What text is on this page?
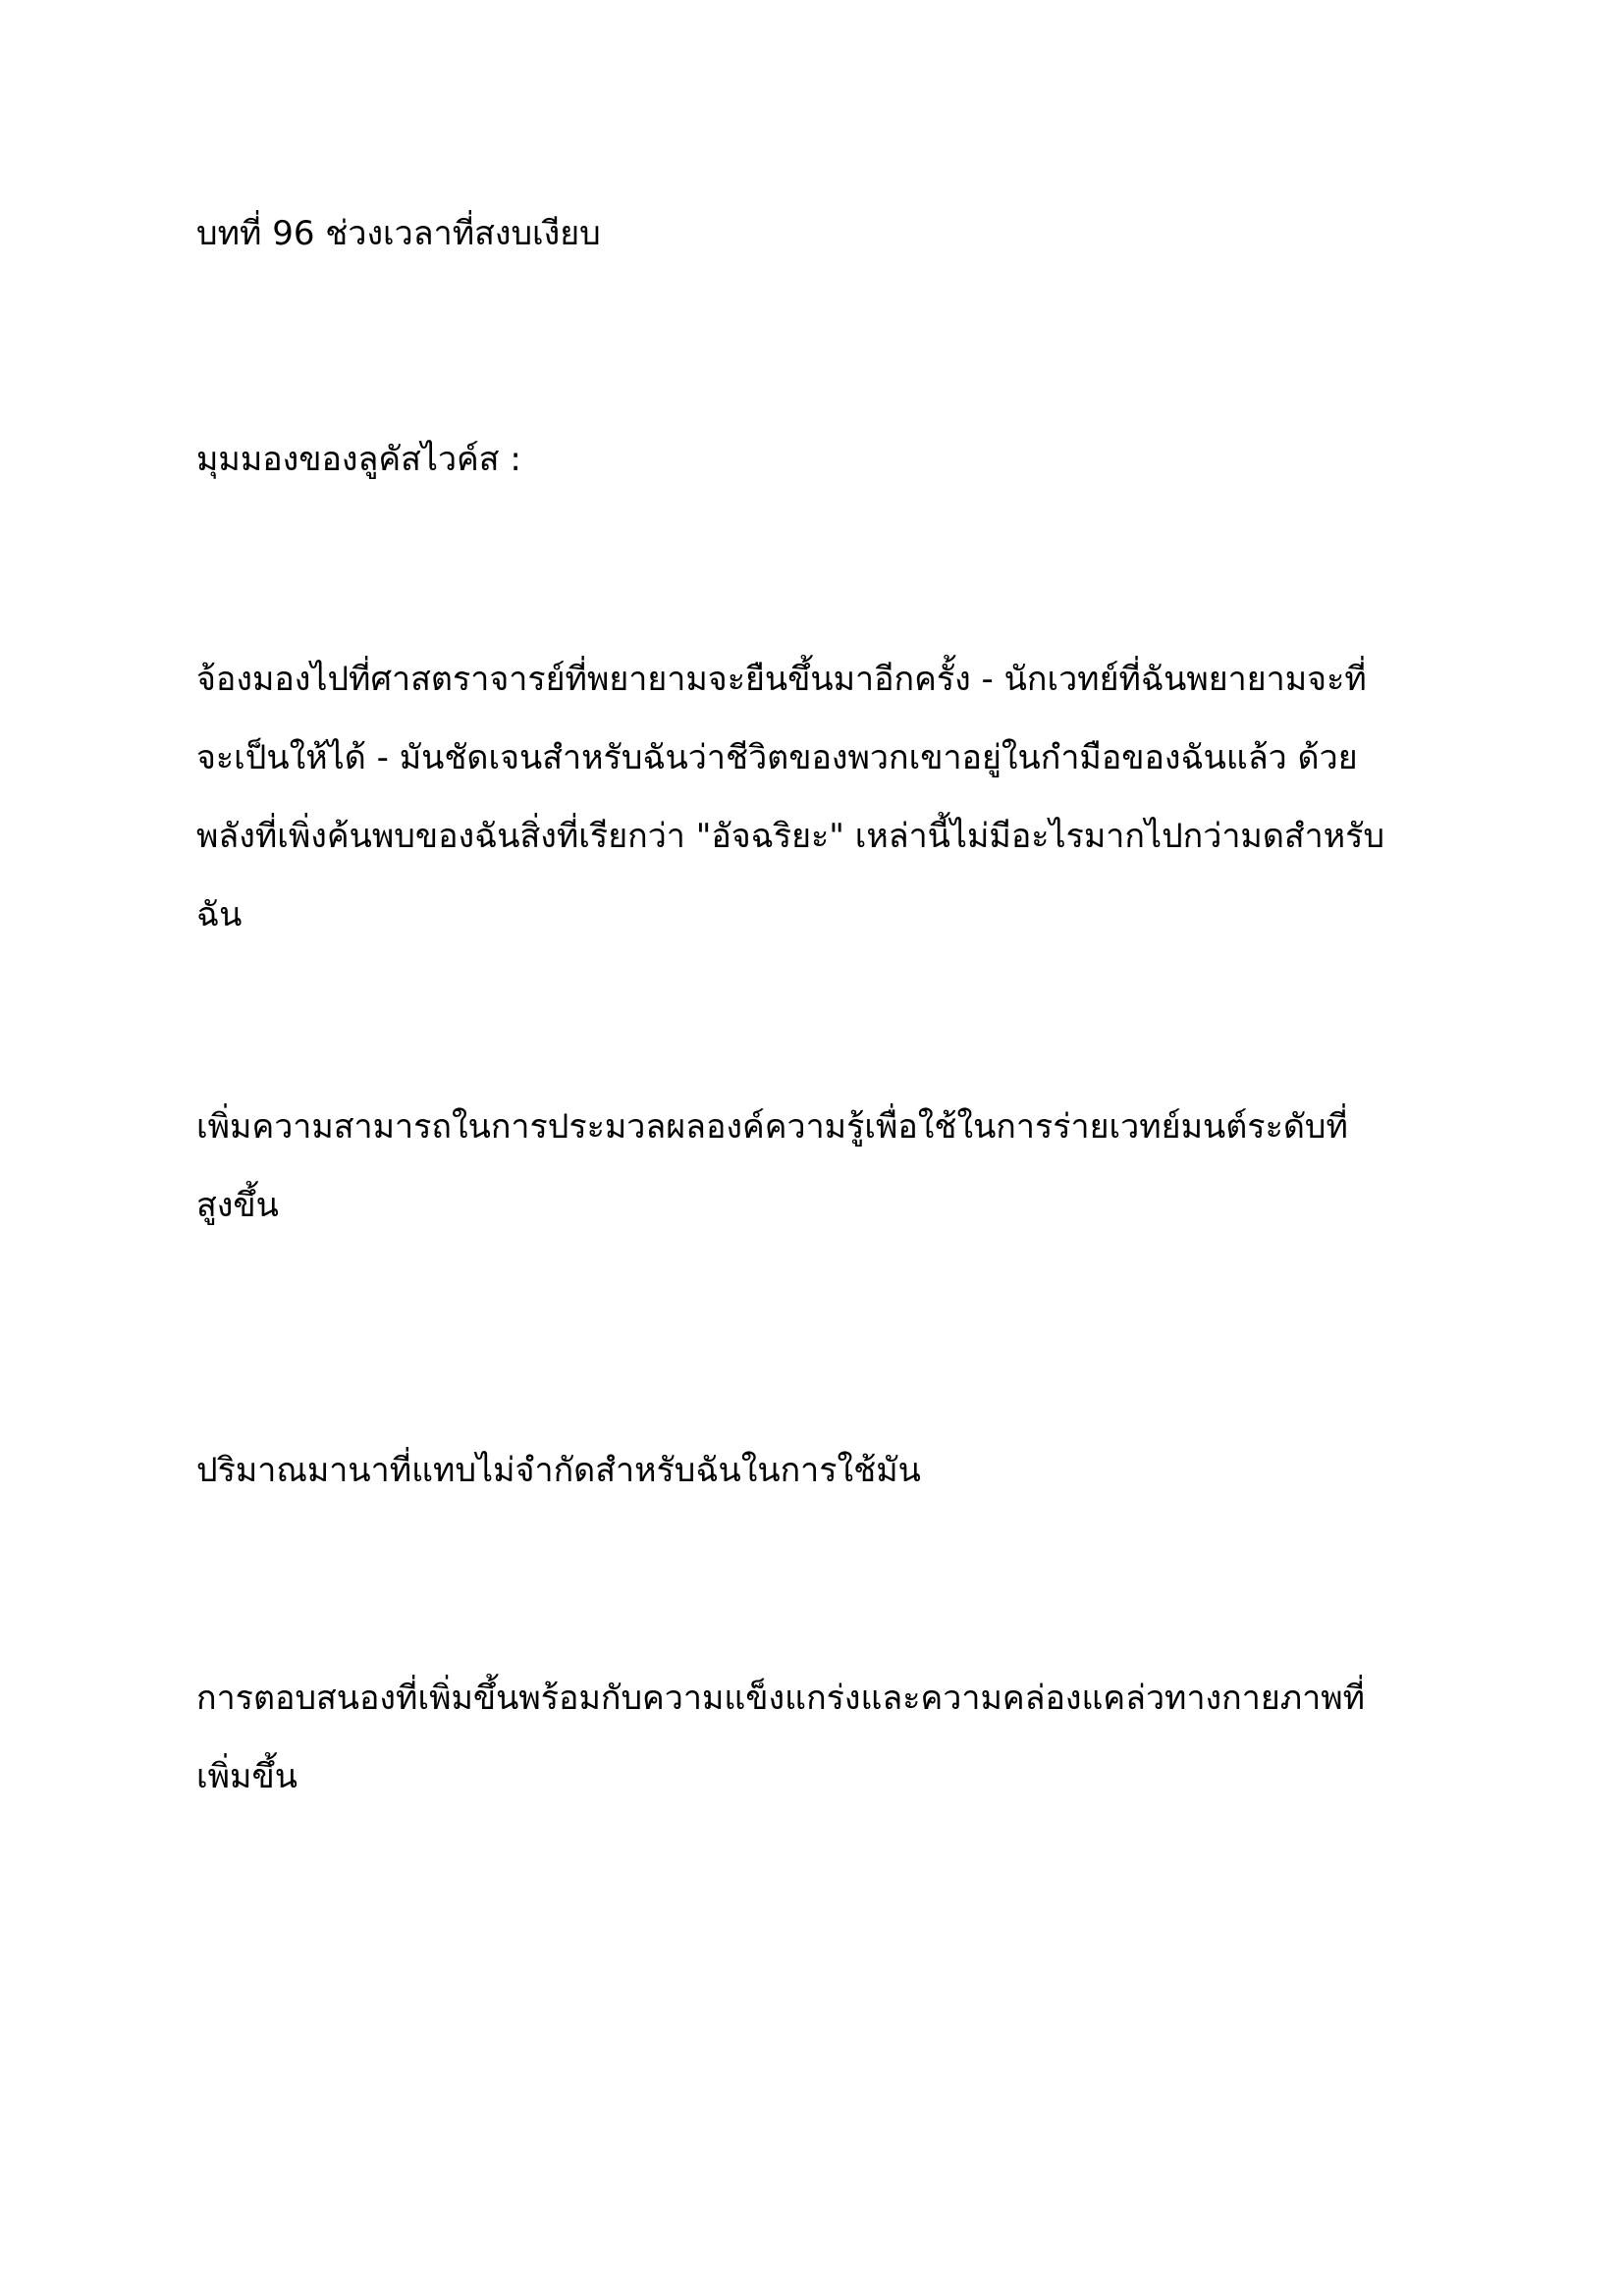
บทที่ 96 ช่วงเวลาที่สงบเงียบ

มุมมองของลูคัสไวค์ส :

จ้องมองไปที่ศาสตราจารย์ที่พยายามจะยืนขึ้นมาอีกครั้ง - นักเวทย์ที่ฉันพยายามจะที่
จะเป็นให้ได้ - มันชัดเจนสำหรับฉันว่าชีวิตของพวกเขาอยู่ในกำมือของฉันแล้ว ด้วย
พลังที่เพิ่งค้นพบของฉันสิ่งที่เรียกว่า "อัจฉริยะ" เหล่านี้ไม่มีอะไรมากไปกว่ามดสำหรับ
ฉัน

เพิ่มความสามารถในการประมวลผลองค์ความรู้เพื่อใช้ในการร่ายเวทย์มนต์ระดับที่
สูงขึ้น

ปริมาณมานาที่แทบไม่จำกัดสำหรับฉันในการใช้มัน

การตอบสนองที่เพิ่มขึ้นพร้อมกับความแข็งแกร่งและความคล่องแคล่วทางกายภาพที่
เพิ่มขึ้น
